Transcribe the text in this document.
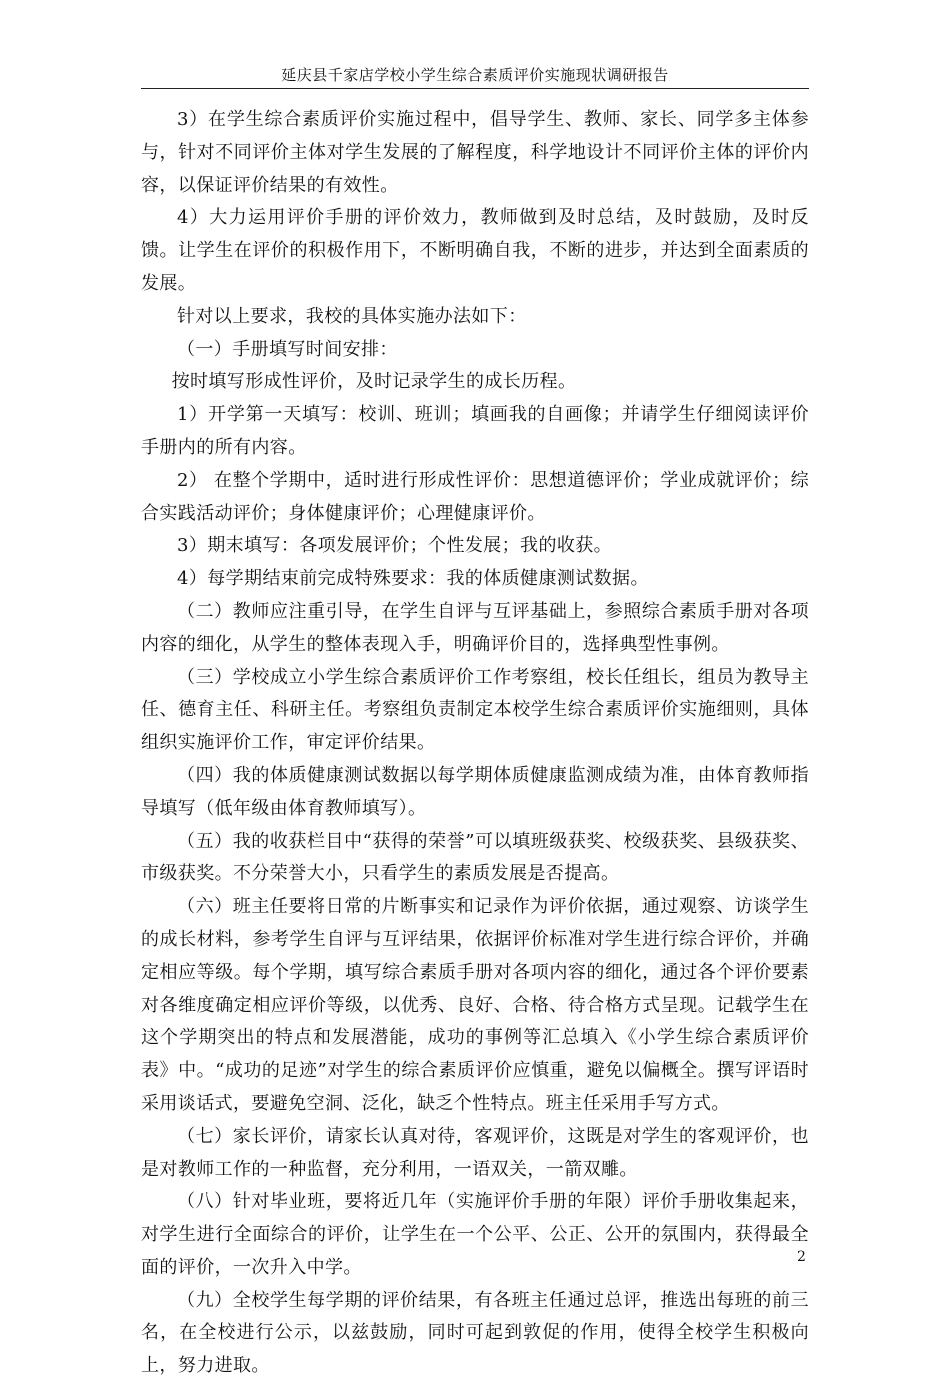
延庆县千家店学校小学生综合素质评价实施现状调研报告

3）在学生综合素质评价实施过程中，倡导学生、教师、家长、同学多主体参与，针对不同评价主体对学生发展的了解程度，科学地设计不同评价主体的评价内容，以保证评价结果的有效性。

4）大力运用评价手册的评价效力，教师做到及时总结，及时鼓励，及时反馈。让学生在评价的积极作用下，不断明确自我，不断的进步，并达到全面素质的发展。

针对以上要求，我校的具体实施办法如下：

（一）手册填写时间安排：

按时填写形成性评价，及时记录学生的成长历程。

1）开学第一天填写：校训、班训；填画我的自画像；并请学生仔细阅读评价手册内的所有内容。

2） 在整个学期中，适时进行形成性评价：思想道德评价；学业成就评价；综合实践活动评价；身体健康评价；心理健康评价。

3）期末填写：各项发展评价；个性发展；我的收获。

4）每学期结束前完成特殊要求：我的体质健康测试数据。

（二）教师应注重引导，在学生自评与互评基础上，参照综合素质手册对各项内容的细化，从学生的整体表现入手，明确评价目的，选择典型性事例。

（三）学校成立小学生综合素质评价工作考察组，校长任组长，组员为教导主任、德育主任、科研主任。考察组负责制定本校学生综合素质评价实施细则，具体组织实施评价工作，审定评价结果。

（四）我的体质健康测试数据以每学期体质健康监测成绩为准，由体育教师指导填写（低年级由体育教师填写）。

（五）我的收获栏目中“获得的荣誉”可以填班级获奖、校级获奖、县级获奖、市级获奖。不分荣誉大小，只看学生的素质发展是否提高。

（六）班主任要将日常的片断事实和记录作为评价依据，通过观察、访谈学生的成长材料，参考学生自评与互评结果，依据评价标准对学生进行综合评价，并确定相应等级。每个学期，填写综合素质手册对各项内容的细化，通过各个评价要素对各维度确定相应评价等级，以优秀、良好、合格、待合格方式呈现。记载学生在这个学期突出的特点和发展潜能，成功的事例等汇总填入《小学生综合素质评价表》中。“成功的足迹”对学生的综合素质评价应慎重，避免以偏概全。撰写评语时采用谈话式，要避免空洞、泛化，缺乏个性特点。班主任采用手写方式。

（七）家长评价，请家长认真对待，客观评价，这既是对学生的客观评价，也是对教师工作的一种监督，充分利用，一语双关，一箭双雕。

（八）针对毕业班，要将近几年（实施评价手册的年限）评价手册收集起来，对学生进行全面综合的评价，让学生在一个公平、公正、公开的氛围内，获得最全面的评价，一次升入中学。

（九）全校学生每学期的评价结果，有各班主任通过总评，推选出每班的前三名，在全校进行公示，以兹鼓励，同时可起到敦促的作用，使得全校学生积极向上，努力进取。

2
